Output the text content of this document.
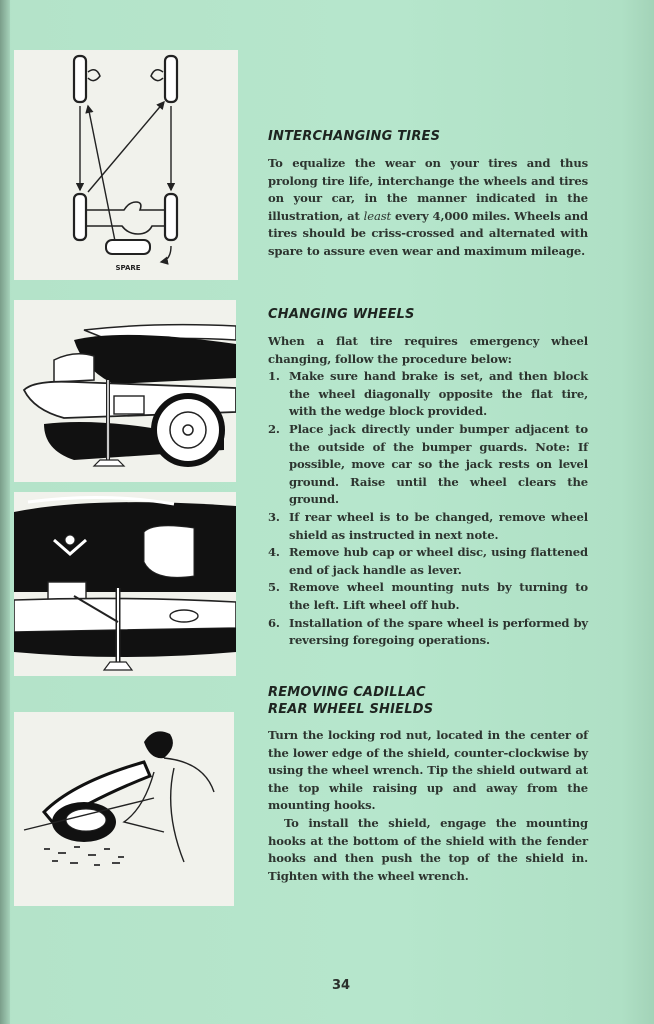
SPARE
INTERCHANGING TIRES

To equalize the wear on your tires and thus prolong tire life, interchange the wheels and tires on your car, in the manner indicated in the illustration, at least every 4,000 miles. Wheels and tires should be criss-crossed and alternated with spare to assure even wear and maximum mileage.

CHANGING WHEELS

When a flat tire requires emergency wheel changing, follow the procedure below:

1. Make sure hand brake is set, and then block the wheel diagonally opposite the flat tire, with the wedge block provided.
2. Place jack directly under bumper adjacent to the outside of the bumper guards. Note: If possible, move car so the jack rests on level ground. Raise until the wheel clears the ground.
3. If rear wheel is to be changed, remove wheel shield as instructed in next note.
4. Remove hub cap or wheel disc, using flattened end of jack handle as lever.
5. Remove wheel mounting nuts by turning to the left. Lift wheel off hub.
6. Installation of the spare wheel is performed by reversing foregoing operations.
REMOVING CADILLAC
REAR WHEEL SHIELDS

Turn the locking rod nut, located in the center of the lower edge of the shield, counter-clockwise by using the wheel wrench. Tip the shield outward at the top while raising up and away from the mounting hooks.

To install the shield, engage the mounting hooks at the bottom of the shield with the fender hooks and then push the top of the shield in. Tighten with the wheel wrench.

34
